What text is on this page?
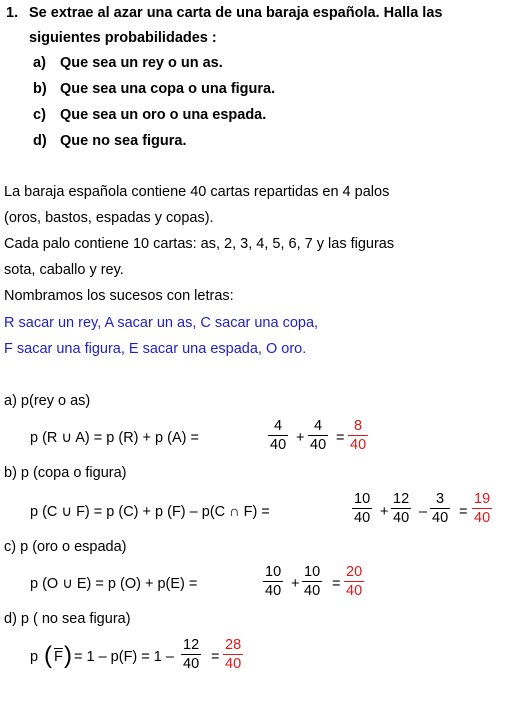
1. Se extrae al azar una carta de una baraja española. Halla las
siguientes probabilidades :
a) Que sea un rey o un as.
b) Que sea una copa o una figura.
c) Que sea un oro o una espada.
d) Que no sea figura.
La baraja española contiene 40 cartas repartidas en 4 palos
(oros, bastos, espadas y copas).
Cada palo contiene 10 cartas: as, 2, 3, 4, 5, 6, 7 y las figuras
sota, caballo y rey.
Nombramos los sucesos con letras:
R sacar un rey, A sacar un as, C sacar una copa,
F sacar una figura, E sacar una espada, O oro.
a) p(rey o as)
p (R ∪ A) = p (R) + p (A) =	$\frac{4}{40} + \frac{4}{40} = \frac{8}{40}$
b) p (copa o figura)
p (C ∪ F) = p (C) + p (F) – p(C ∩ F) =	$\frac{10}{40} + \frac{12}{40} - \frac{3}{40} = \frac{19}{40}$
c) p (oro o espada)
p (O ∪ E) = p (O) + p(E) =	$\frac{10}{40} + \frac{10}{40} = \frac{20}{40}$
d) p ( no sea figura)
p ( $\overline{F}$ ) = $1 - p(F) = 1 - \frac{12}{40} = \frac{28}{40}$
